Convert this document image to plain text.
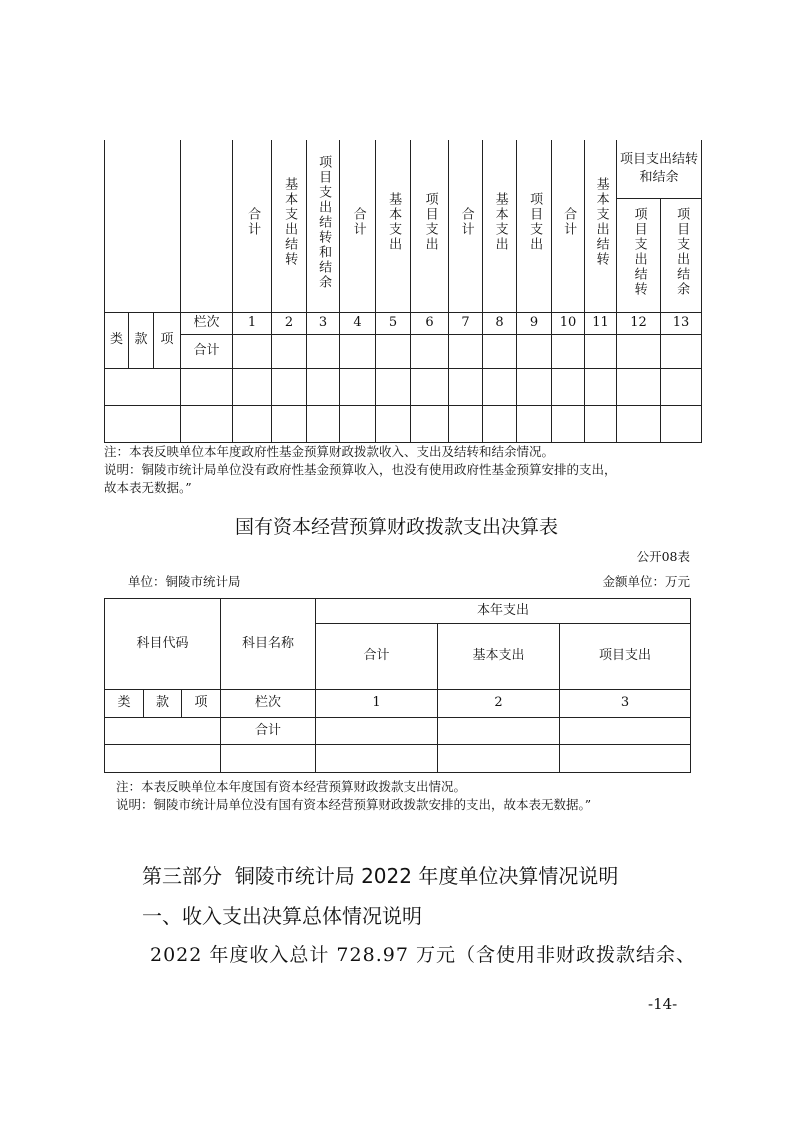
				合计	基本支出结转	项目支出结转和结余	合计	基本支出	项目支出	合计	基本支出	项目支出	合计	基本支出结转	项目支出结转和结余	
															项目支出结转	项目支出结余
类	款	项	栏次	1	2	3	4	5	6	7	8	9	10	11	12	13
			合计													

注：本表反映单位本年度政府性基金预算财政拨款收入、支出及结转和结余情况。
说明：铜陵市统计局单位没有政府性基金预算收入，也没有使用政府性基金预算安排的支出，
故本表无数据。”
国有资本经营预算财政拨款支出决算表
公开08表
单位：铜陵市统计局	金额单位：万元
科目代码			科目名称	本年支出		
				合计	基本支出	项目支出
类	款	项	栏次	1	2	3
			合计			

注：本表反映单位本年度国有资本经营预算财政拨款支出情况。
说明：铜陵市统计局单位没有国有资本经营预算财政拨款安排的支出，故本表无数据。”
第三部分  铜陵市统计局 2022 年度单位决算情况说明
一、收入支出决算总体情况说明
2022 年度收入总计 728.97 万元（含使用非财政拨款结余、
-14-
